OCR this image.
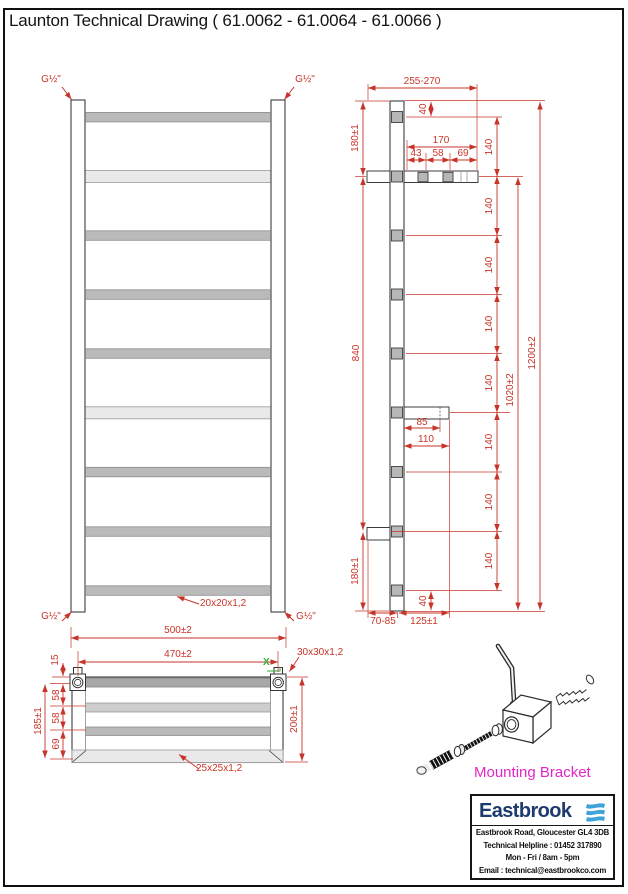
Launton Technical Drawing ( 61.0062 - 61.0064 - 61.0066 )
G½"	G½"
G½"	G½"
20x20x1,2
500±2
255-270
40
180±1	170
43 58 69 140
140
140
140
140
140
140
140
840
180±1
1020±2
1200±2
85
110
70-85 125±1
40
470±2
15
58
58
69
185±1	200±1
30x30x1,2
25x25x1,2
X
Mounting Bracket
Eastbrook
Eastbrook Road, Gloucester GL4 3DB
Technical Helpline : 01452 317890
Mon - Fri / 8am - 5pm
Email : technical@eastbrookco.com
